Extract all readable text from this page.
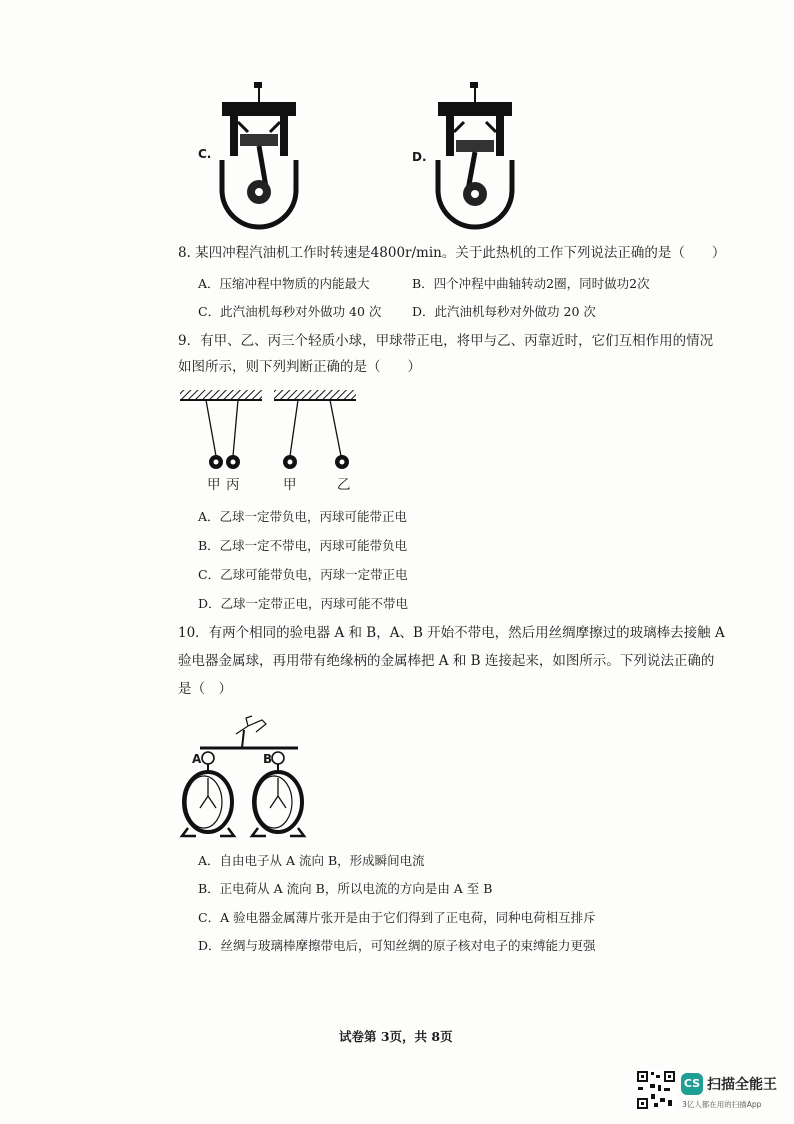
C.	D.
8. 某四冲程汽油机工作时转速是4800r/min。关于此热机的工作下列说法正确的是（　　）
A．压缩冲程中物质的内能最大	B．四个冲程中曲轴转动2圈，同时做功2次
C．此汽油机每秒对外做功 40 次 D．此汽油机每秒对外做功 20 次
9．有甲、乙、丙三个轻质小球，甲球带正电，将甲与乙、丙靠近时，它们互相作用的情况
如图所示，则下列判断正确的是（　　）
甲 丙	甲	乙
A．乙球一定带负电，丙球可能带正电
B．乙球一定不带电，丙球可能带负电
C．乙球可能带负电，丙球一定带正电
D．乙球一定带正电，丙球可能不带电
10．有两个相同的验电器 A 和 B，A、B 开始不带电，然后用丝绸摩擦过的玻璃棒去接触 A
验电器金属球，再用带有绝缘柄的金属棒把 A 和 B 连接起来，如图所示。下列说法正确的
是（　）
A	B
A．自由电子从 A 流向 B，形成瞬间电流
B．正电荷从 A 流向 B，所以电流的方向是由 A 至 B
C．A 验电器金属薄片张开是由于它们得到了正电荷，同种电荷相互排斥
D．丝绸与玻璃棒摩擦带电后，可知丝绸的原子核对电子的束缚能力更强
试卷第 3页，共 8页
CS 扫描全能王
3亿人都在用的扫描App
